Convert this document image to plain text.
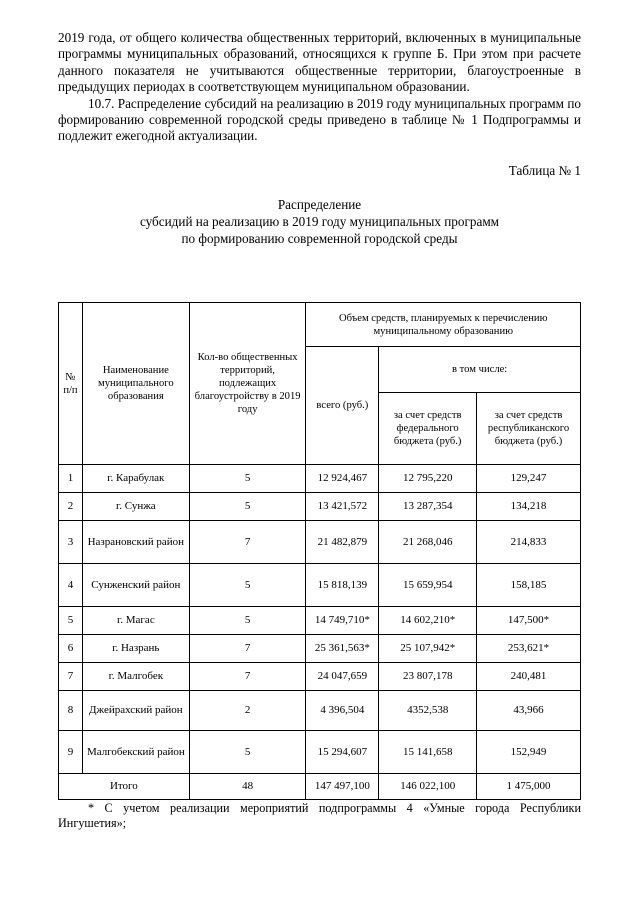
2019 года, от общего количества общественных территорий, включенных в муниципальные программы муниципальных образований, относящихся к группе Б. При этом при расчете данного показателя не учитываются общественные территории, благоустроенные в предыдущих периодах в соответствующем муниципальном образовании.

10.7. Распределение субсидий на реализацию в 2019 году муниципальных программ по формированию современной городской среды приведено в таблице № 1 Подпрограммы и подлежит ежегодной актуализации.

Таблица № 1
Распределение
субсидий на реализацию в 2019 году муниципальных программ
по формированию современной городской среды
№ п/п	Наименование муниципального образования	Кол-во общественных территорий, подлежащих благоустройству в 2019 году	Объем средств, планируемых к перечислению муниципальному образованию		
			всего (руб.)	в том числе:	
				за счет средств федерального бюджета (руб.)	за счет средств республиканского бюджета (руб.)
1	г. Карабулак	5	12 924,467	12 795,220	129,247
2	г. Сунжа	5	13 421,572	13 287,354	134,218
3	Назрановский район	7	21 482,879	21 268,046	214,833
4	Сунженский район	5	15 818,139	15 659,954	158,185
5	г. Магас	5	14 749,710*	14 602,210*	147,500*
6	г. Назрань	7	25 361,563*	25 107,942*	253,621*
7	г. Малгобек	7	24 047,659	23 807,178	240,481
8	Джейрахский район	2	4 396,504	4352,538	43,966
9	Малгобекский район	5	15 294,607	15 141,658	152,949
Итого		48	147 497,100	146 022,100	1 475,000

* С учетом реализации мероприятий подпрограммы 4 «Умные города Республики Ингушетия»;
